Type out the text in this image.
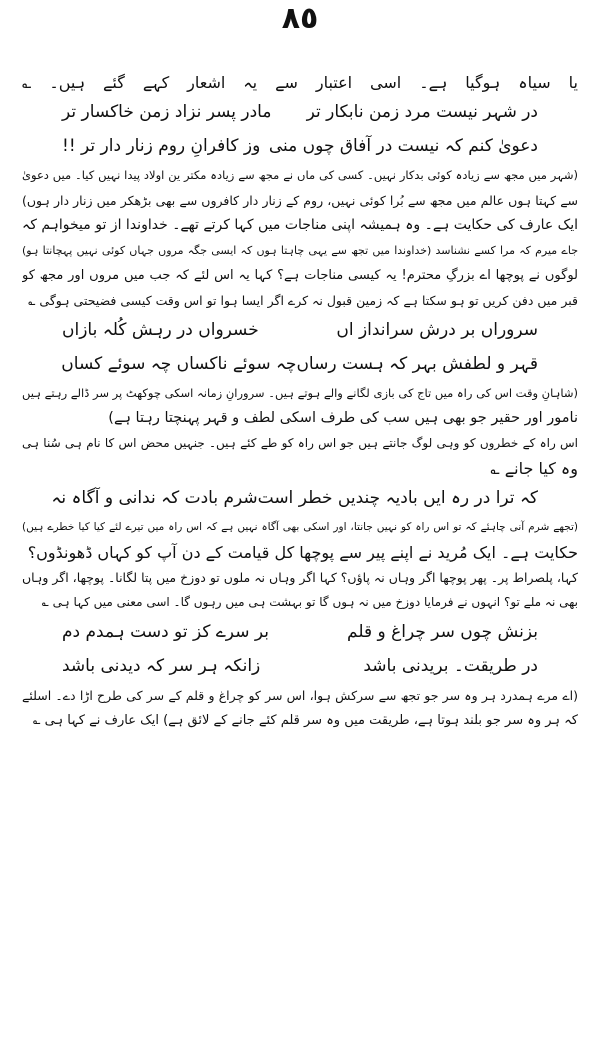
٨٥
یا سیاہ ہوگیا ہے۔ اسی اعتبار سے یہ اشعار کہے گئے ہیں۔ ؎
در شہر نیست مرد زمن نابکار تر
مادر پسر نزاد زمن خاکسار تر
دعویٰ کنم کہ نیست در آفاق چوں منی
وز کافرانِ روم زنار دار تر !!
(شہر میں مجھ سے زیادہ کوئی بدکار نہیں۔ کسی کی ماں نے مجھ سے زیادہ مکتر ین اولاد پیدا نہیں کیا۔ میں دعویٰ
سے کہتا ہوں عالم میں مجھ سے بُرا کوئی نہیں، روم کے زنار دار کافروں سے بھی بڑھکر میں زنار دار ہوں)
ایک عارف کی حکایت ہے۔ وہ ہمیشہ اپنی مناجات میں کہا کرتے تھے۔ خداوندا از تو میخواہم کہ
جاے میرم کہ مرا کسے نشناسد (خداوندا میں تجھ سے یہی چاہتا ہوں کہ ایسی جگہ مروں جہاں کوئی نہیں پہچانتا ہو)
لوگوں نے پوچھا اے بزرگِ محترم! یہ کیسی مناجات ہے؟ کہا یہ اس لئے کہ جب میں مروں اور مجھ کو
قبر میں دفن کریں تو ہو سکتا ہے کہ زمین قبول نہ کرے اگر ایسا ہوا تو اس وقت کیسی فضیحتی ہوگی ؎
سروراں بر درش سرانداز اں
خسرواں در رہش کُلہ بازاں
قہر و لطفش بہر کہ ہست رساں
چہ سوئے ناکساں چہ سوئے کساں
(شاہانِ وقت اس کی راہ میں تاج کی بازی لگانے والے ہوتے ہیں۔ سرورانِ زمانہ اسکی چوکھٹ پر سر ڈالے رہتے ہیں
نامور اور حقیر جو بھی ہیں سب کی طرف اسکی لطف و قہر پہنچتا رہتا ہے)
اس راہ کے خطروں کو وہی لوگ جانتے ہیں جو اس راہ کو طے کئے ہیں۔ جنہیں محض اس کا نام ہی سُنا ہی
وہ کیا جانے ؎
کہ ترا در رہ ایں بادیہ چندیں خطر است
شرم بادت کہ ندانی و آگاہ نہ
(تجھے شرم آنی چاہئے کہ تو اس راہ کو نہیں جانتا، اور اسکی بھی آگاہ نہیں ہے کہ اس راہ میں تیرے لئے کیا کیا خطرے ہیں)
حکایت ہے۔ ایک مُرید نے اپنے پیر سے پوچھا کل قیامت کے دن آپ کو کہاں ڈھونڈوں؟
کہا، پلصراط پر۔ پھر پوچھا اگر وہاں نہ پاؤں؟ کہا اگر وہاں نہ ملوں تو دوزخ میں پتا لگانا۔ پوچھا، اگر وہاں
بھی نہ ملے تو؟ انہوں نے فرمایا دوزخ میں نہ ہوں گا تو بہشت ہی میں رہوں گا۔ اسی معنی میں کہا ہی ؎
بزنش چوں سر چراغ و قلم
بر سرے کز تو دست ہمدم دم
در طریقت۔ بریدنی باشد
زانکہ ہر سر کہ دیدنی باشد
(اے مرے ہمدرد ہر وہ سر جو تجھ سے سرکش ہوا، اس سر کو چراغ و قلم کے سر کی طرح اڑا دے۔ اسلئے
کہ ہر وہ سر جو بلند ہوتا ہے، طریقت میں وہ سر قلم کئے جانے کے لائق ہے) ایک عارف نے کہا ہی ؎
